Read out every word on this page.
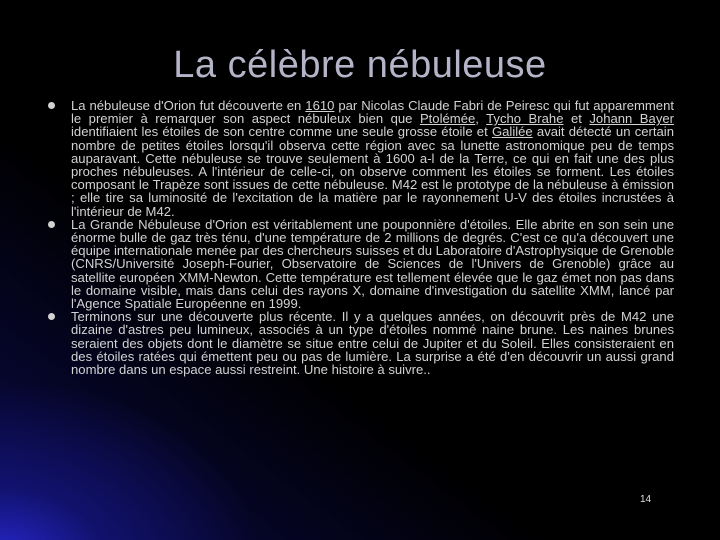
La célèbre nébuleuse
La nébuleuse d'Orion fut découverte en 1610 par Nicolas Claude Fabri de Peiresc qui fut apparemment le premier à remarquer son aspect nébuleux bien que Ptolémée, Tycho Brahe et Johann Bayer identifiaient les étoiles de son centre comme une seule grosse étoile et Galilée avait détecté un certain nombre de petites étoiles lorsqu'il observa cette région avec sa lunette astronomique peu de temps auparavant. Cette nébuleuse se trouve seulement à 1600 a-l de la Terre, ce qui en fait une des plus proches nébuleuses. A l'intérieur de celle-ci, on observe comment les étoiles se forment. Les étoiles composant le Trapèze sont issues de cette nébuleuse. M42 est le prototype de la nébuleuse à émission ; elle tire sa luminosité de l'excitation de la matière par le rayonnement U-V des étoiles incrustées à l'intérieur de M42.
La Grande Nébuleuse d'Orion est véritablement une pouponnière d'étoiles. Elle abrite en son sein une énorme bulle de gaz très ténu, d'une température de 2 millions de degrés. C'est ce qu'a découvert une équipe internationale menée par des chercheurs suisses et du Laboratoire d'Astrophysique de Grenoble (CNRS/Université Joseph-Fourier, Observatoire de Sciences de l'Univers de Grenoble) grâce au satellite européen XMM-Newton. Cette température est tellement élevée que le gaz émet non pas dans le domaine visible, mais dans celui des rayons X, domaine d'investigation du satellite XMM, lancé par l'Agence Spatiale Européenne en 1999.
Terminons sur une découverte plus récente. Il y a quelques années, on découvrit près de M42 une dizaine d'astres peu lumineux, associés à un type d'étoiles nommé naine brune. Les naines brunes seraient des objets dont le diamètre se situe entre celui de Jupiter et du Soleil. Elles consisteraient en des étoiles ratées qui émettent peu ou pas de lumière. La surprise a été d'en découvrir un aussi grand nombre dans un espace aussi restreint. Une histoire à suivre..
14
